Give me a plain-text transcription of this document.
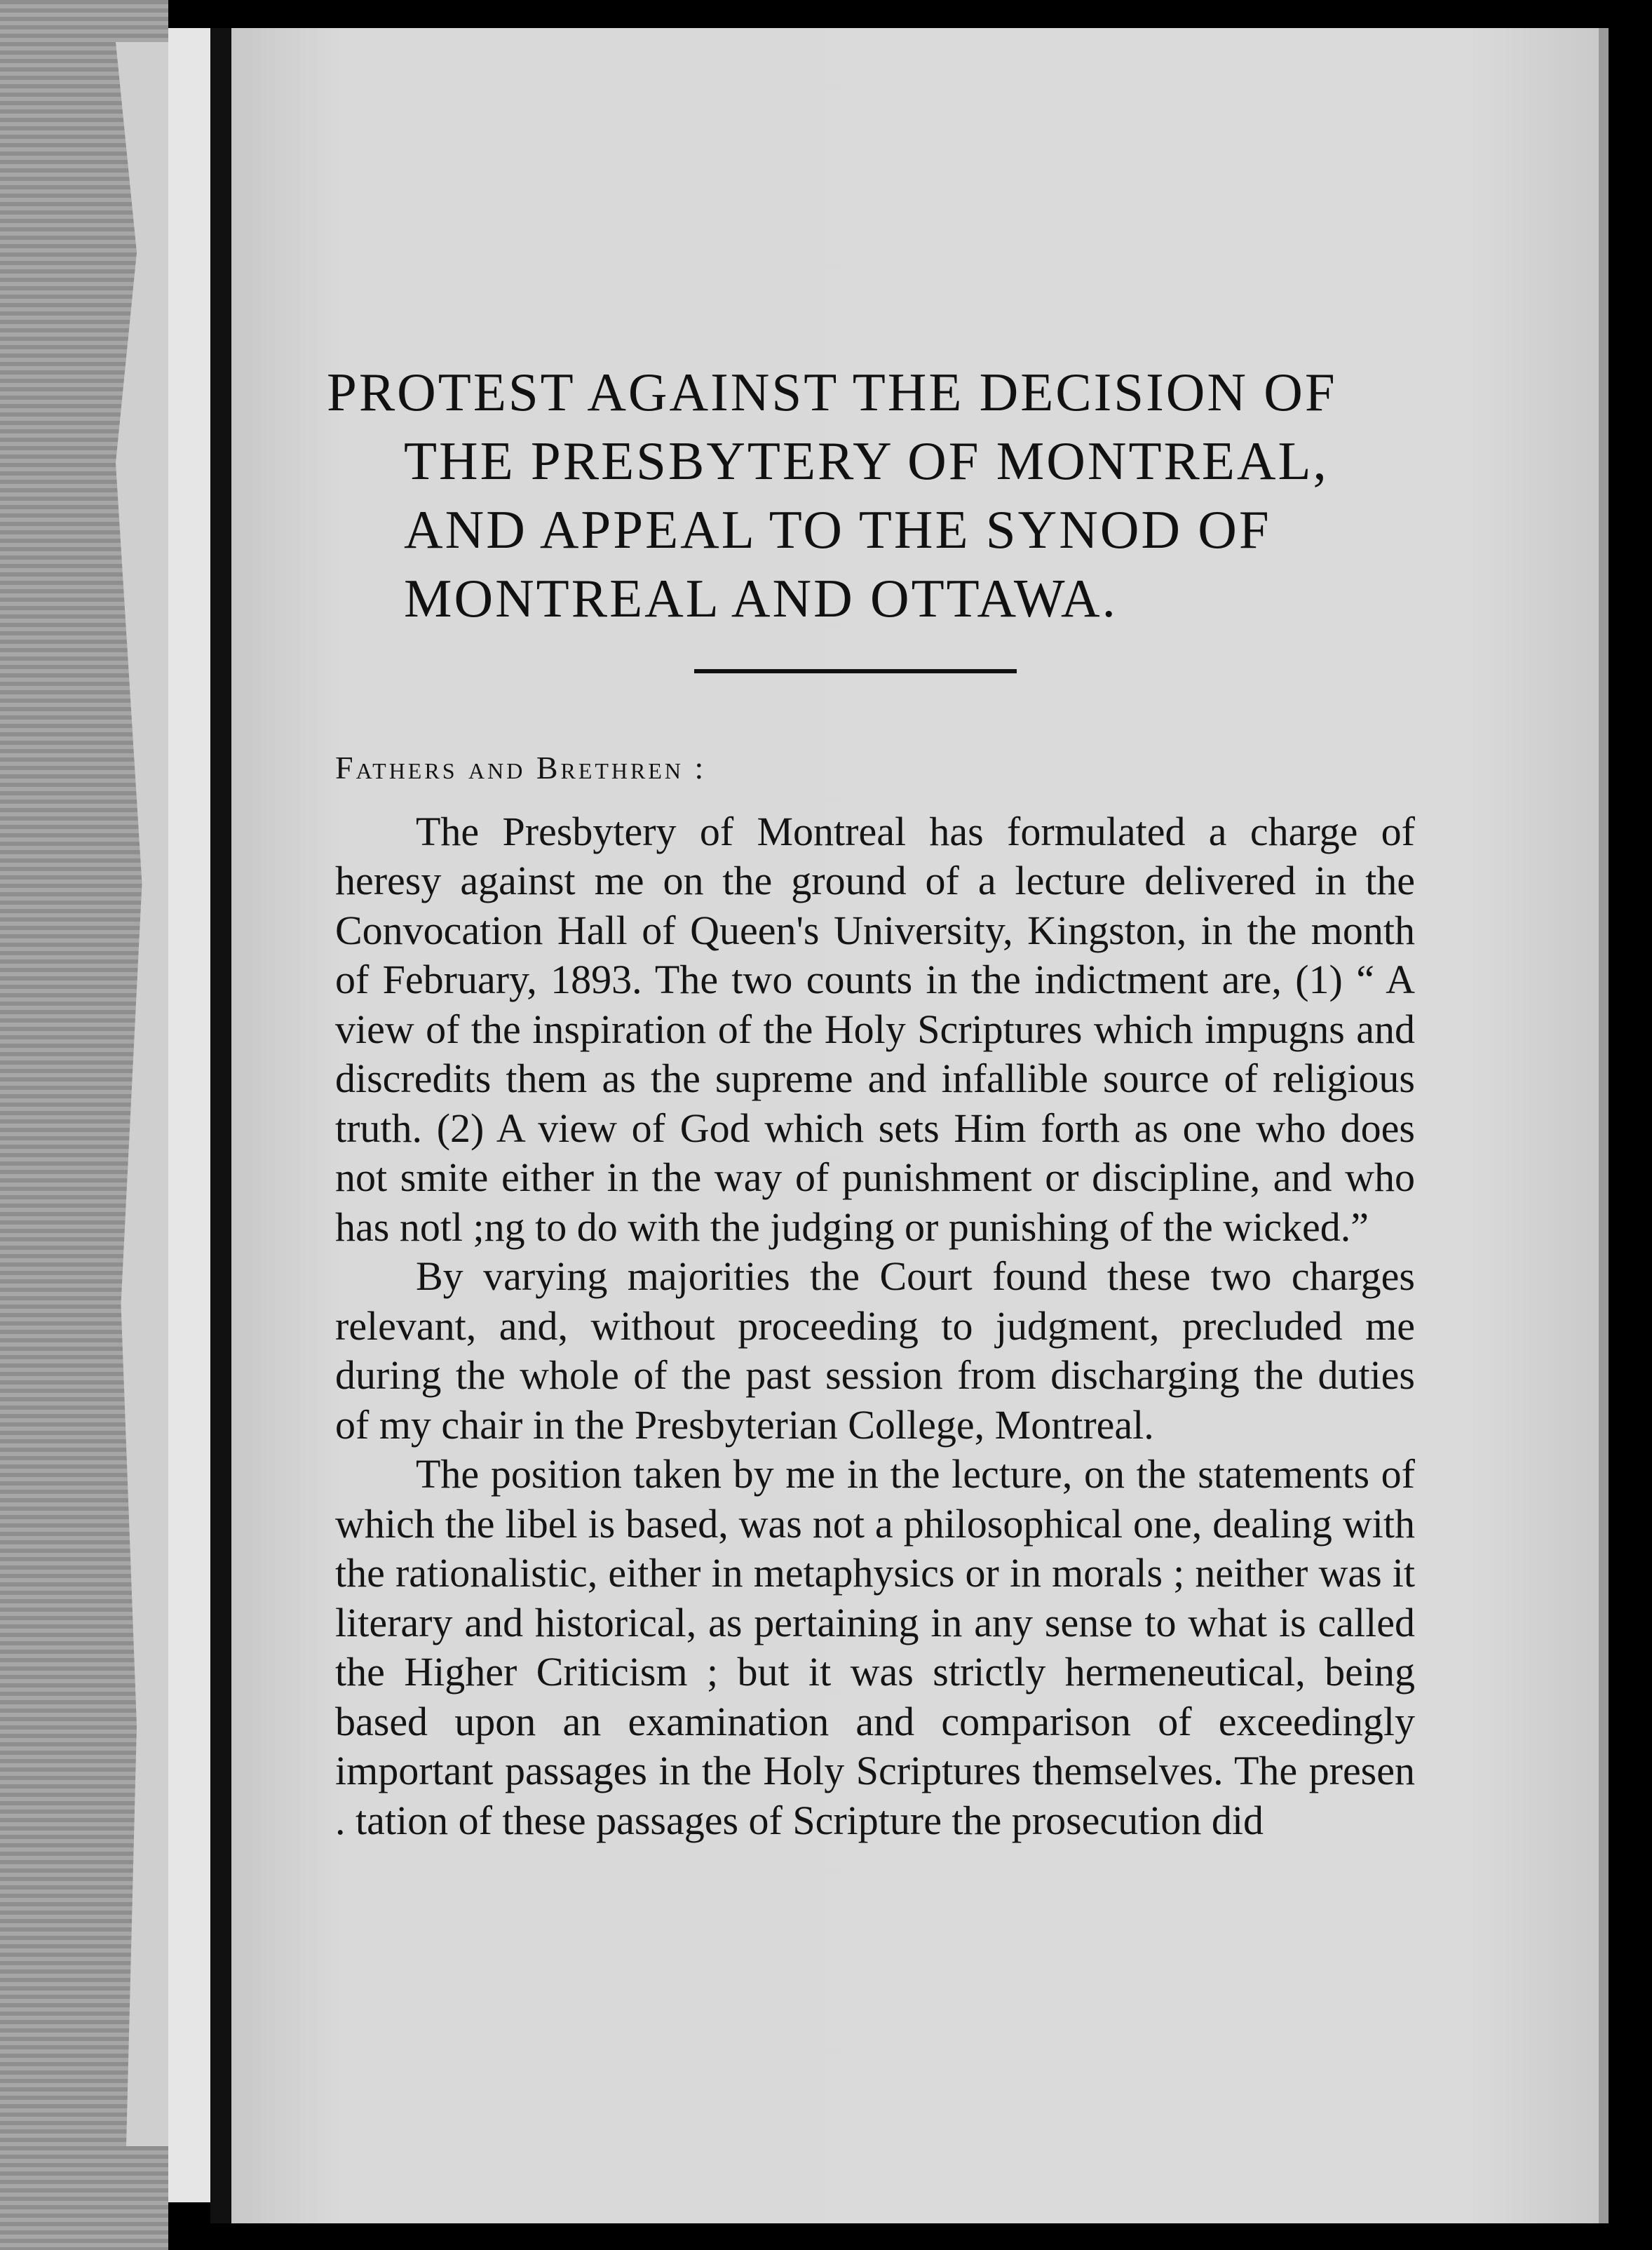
PROTEST AGAINST THE DECISION OF
THE PRESBYTERY OF MONTREAL,
AND APPEAL TO THE SYNOD OF
MONTREAL AND OTTAWA.
Fathers and Brethren :

The Presbytery of Montreal has formulated a charge of heresy against me on the ground of a lecture delivered in the Convocation Hall of Queen's University, Kingston, in the month of February, 1893. The two counts in the indictment are, (1) “ A view of the inspiration of the Holy Scriptures which impugns and discredits them as the supreme and infallible source of religious truth. (2) A view of God which sets Him forth as one who does not smite either in the way of punishment or discipline, and who has notl ;ng to do with the judging or punishing of the wicked.”

By varying majorities the Court found these two charges relevant, and, without proceeding to judgment, precluded me during the whole of the past session from discharging the duties of my chair in the Presbyterian College, Montreal.

The position taken by me in the lecture, on the statements of which the libel is based, was not a philosophical one, dealing with the rationalistic, either in metaphysics or in morals ; neither was it literary and historical, as pertaining in any sense to what is called the Higher Criticism ; but it was strictly hermeneutical, being based upon an examination and comparison of exceedingly important passages in the Holy Scriptures themselves. The presen . tation of these passages of Scripture the prosecution did
